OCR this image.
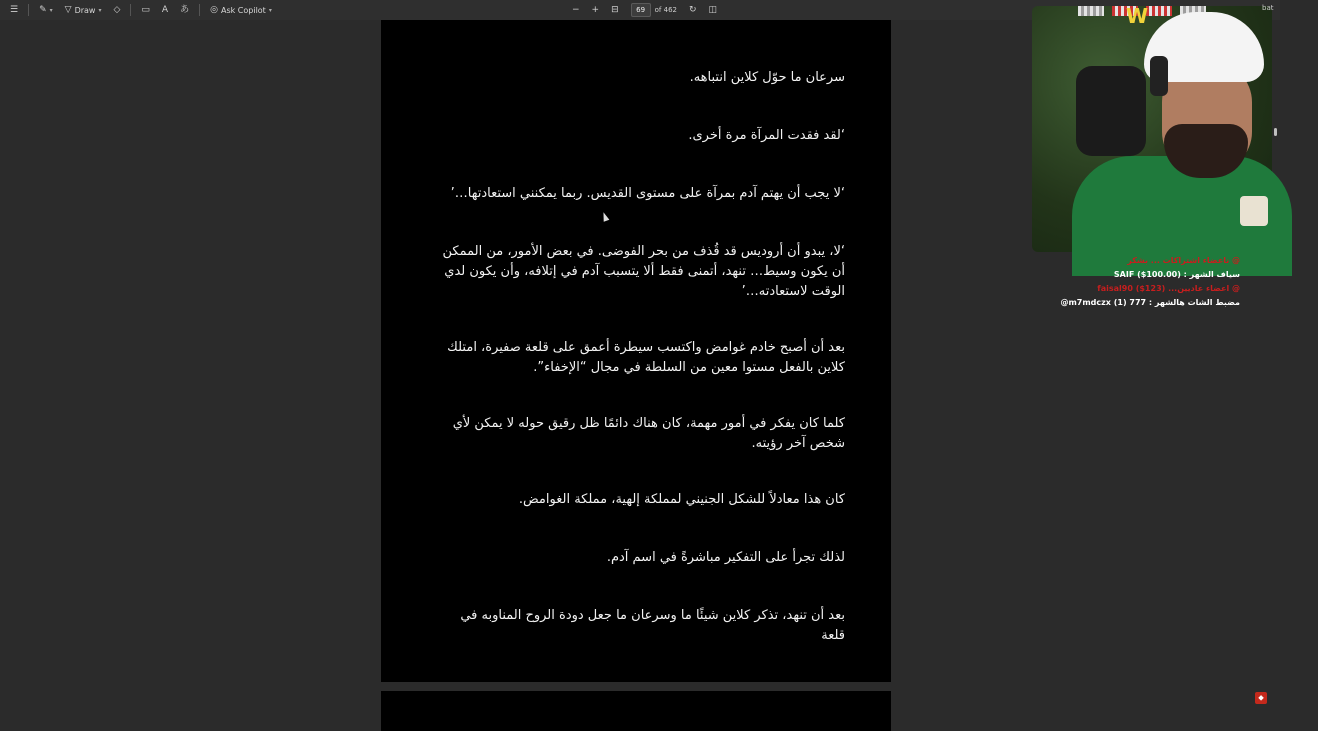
☰ ✎ ▾ ▽ Draw ▾ ◇ ▭ A あ ◎ Ask Copilot ▾	− + ⊟	69	of 462 ↻ ◫
سرعان ما حوّل كلاين انتباهه.
‘لقد فقدت المرآة مرة أخرى.
‘لا يجب أن يهتم آدم بمرآة على مستوى القديس. ربما يمكنني استعادتها…’
‘لا، يبدو أن أروديس قد قُذف من بحر الفوضى. في بعض الأمور، من الممكن أن يكون وسيط… تنهد، أتمنى فقط ألا يتسبب آدم في إتلافه، وأن يكون لدي الوقت لاستعادته…’
بعد أن أصبح خادم غوامض واكتسب سيطرة أعمق على قلعة صفيرة، امتلك كلاين بالفعل مستوا معين من السلطة في مجال “الإخفاء”.
كلما كان يفكر في أمور مهمة، كان هناك دائمًا ظل رقيق حوله لا يمكن لأي شخص آخر رؤيته.
كان هذا معادلاً للشكل الجنيني لمملكة إلهية، مملكة الغوامض.
لذلك تجرأ على التفكير مباشرةً في اسم آدم.
بعد أن تنهد، تذكر كلاين شيئًا ما وسرعان ما جعل دودة الروح المناوبه في قلعة
W	bat
@ ناعضاء اشتراكات ... بشكر
سياف الشهر : SAIF ($100.00)
@ اعضاء عاديين... faisal90 ($123)
مضبط الشات هالشهر : m7mdczx (1) 777@
⬥
